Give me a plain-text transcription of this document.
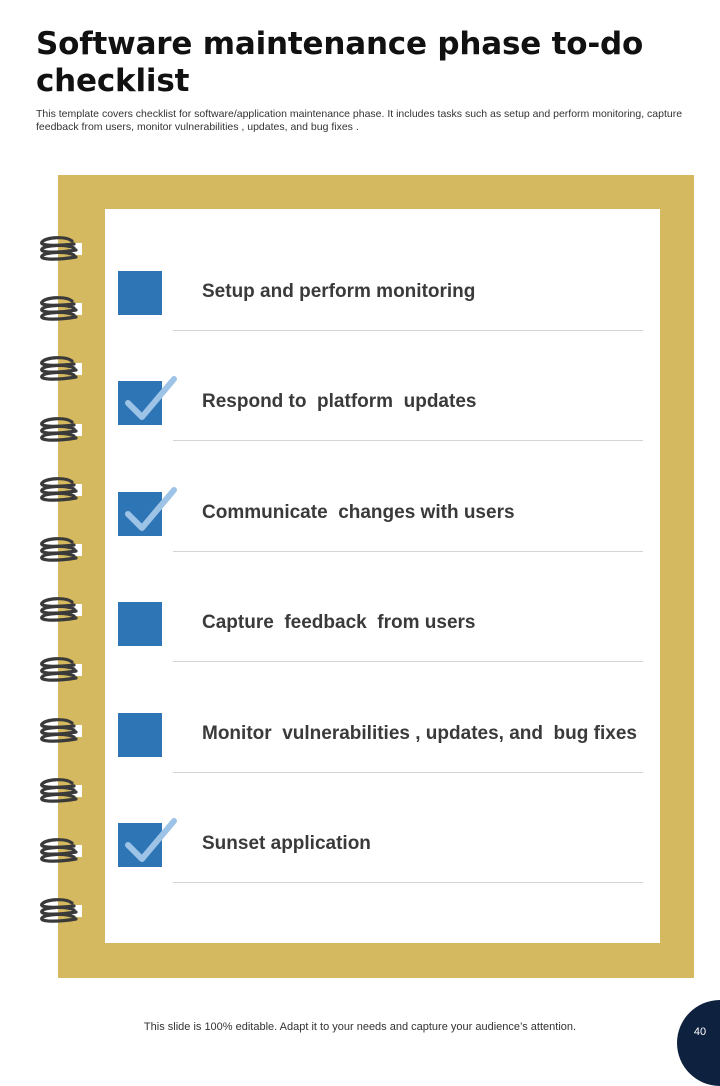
Software maintenance phase to-do checklist
This template covers checklist for software/application maintenance phase. It includes tasks such as setup and perform monitoring, capture feedback from users, monitor vulnerabilities , updates, and bug fixes .
Setup and perform monitoring
Respond to  platform  updates
Communicate  changes with users
Capture  feedback  from users
Monitor  vulnerabilities , updates, and  bug fixes
Sunset application
This slide is 100% editable. Adapt it to your needs and capture your audience’s attention.	40
